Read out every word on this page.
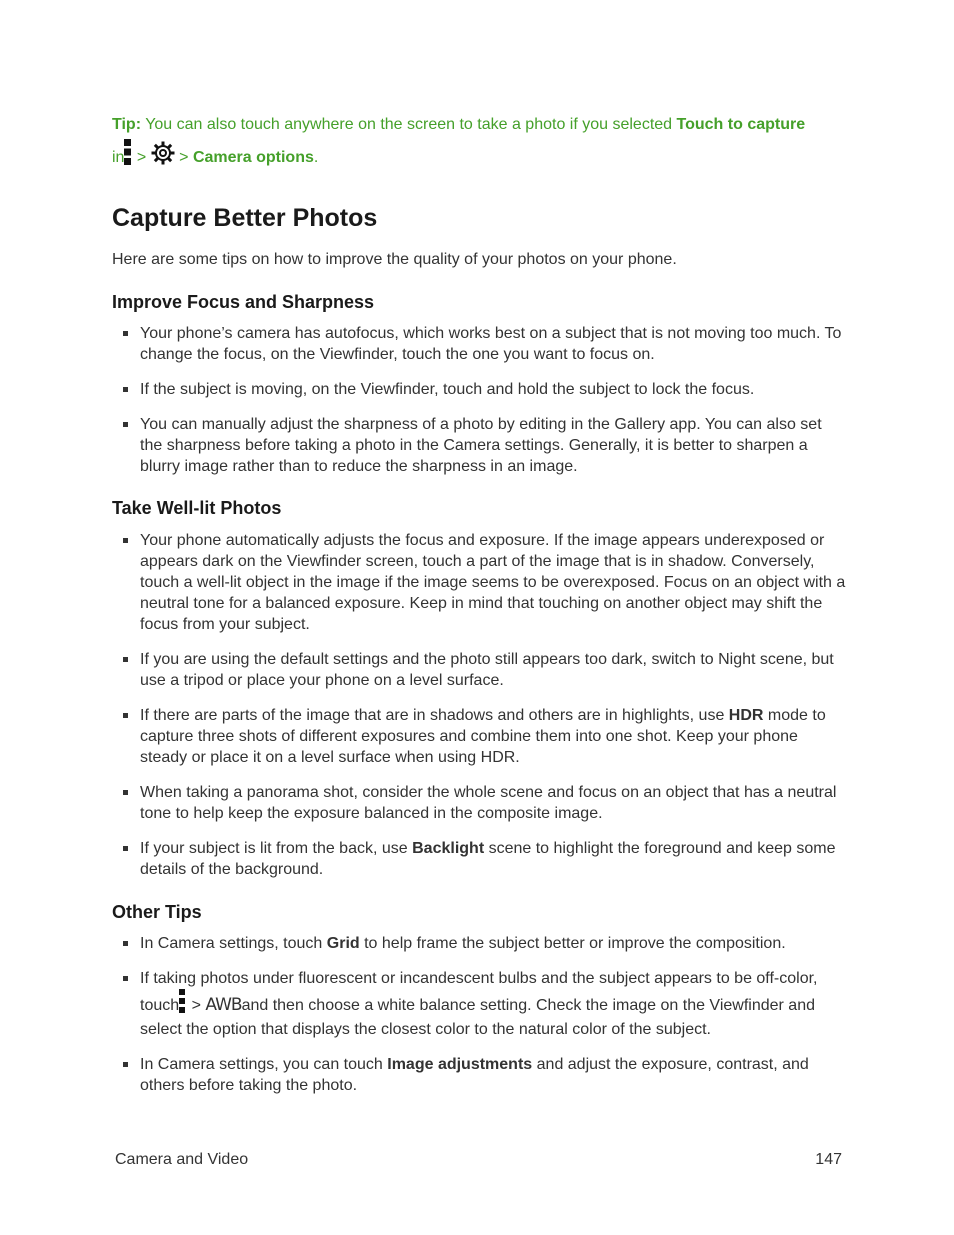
Tip: You can also touch anywhere on the screen to take a photo if you selected Touch to capture
in > > Camera options.
Capture Better Photos

Here are some tips on how to improve the quality of your photos on your phone.

Improve Focus and Sharpness
Your phone’s camera has autofocus, which works best on a subject that is not moving too much. To change the focus, on the Viewfinder, touch the one you want to focus on.
If the subject is moving, on the Viewfinder, touch and hold the subject to lock the focus.
You can manually adjust the sharpness of a photo by editing in the Gallery app. You can also set the sharpness before taking a photo in the Camera settings. Generally, it is better to sharpen a blurry image rather than to reduce the sharpness in an image.
Take Well-lit Photos
Your phone automatically adjusts the focus and exposure. If the image appears underexposed or appears dark on the Viewfinder screen, touch a part of the image that is in shadow. Conversely, touch a well-lit object in the image if the image seems to be overexposed. Focus on an object with a neutral tone for a balanced exposure. Keep in mind that touching on another object may shift the focus from your subject.
If you are using the default settings and the photo still appears too dark, switch to Night scene, but use a tripod or place your phone on a level surface.
If there are parts of the image that are in shadows and others are in highlights, use HDR mode to capture three shots of different exposures and combine them into one shot. Keep your phone steady or place it on a level surface when using HDR.
When taking a panorama shot, consider the whole scene and focus on an object that has a neutral tone to help keep the exposure balanced in the composite image.
If your subject is lit from the back, use Backlight scene to highlight the foreground and keep some details of the background.
Other Tips
In Camera settings, touch Grid to help frame the subject better or improve the composition.
If taking photos under fluorescent or incandescent bulbs and the subject appears to be off-color, touch > AWBand then choose a white balance setting. Check the image on the Viewfinder and select the option that displays the closest color to the natural color of the subject.
In Camera settings, you can touch Image adjustments and adjust the exposure, contrast, and others before taking the photo.
Camera and Video	147
